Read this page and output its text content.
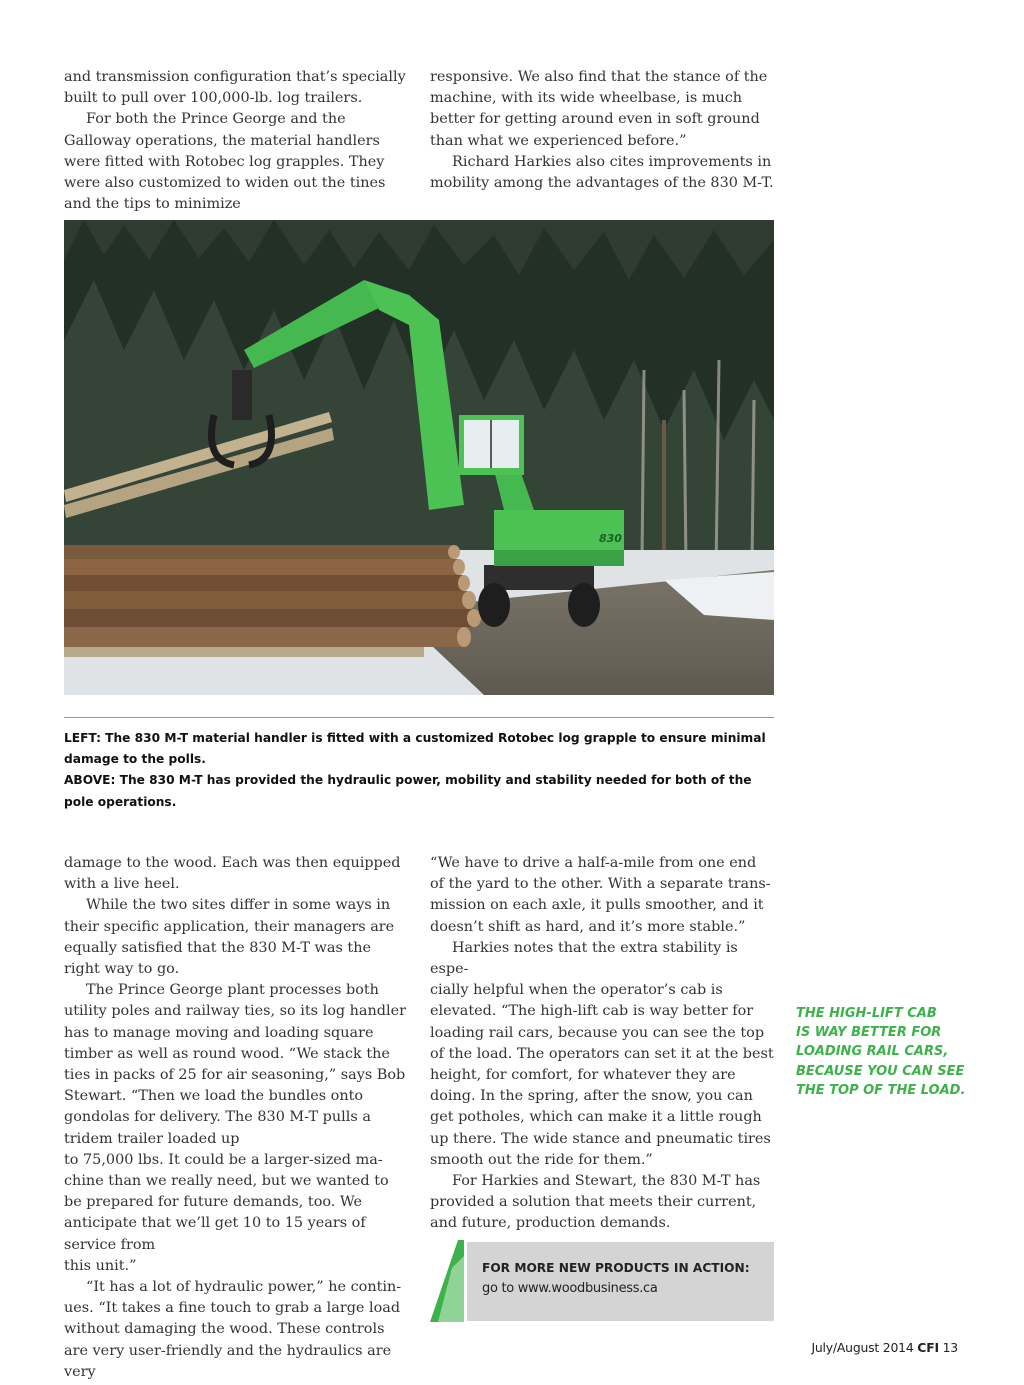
and transmission configuration that’s specially built to pull over 100,000-lb. log trailers.

For both the Prince George and the Galloway operations, the material handlers were fitted with Rotobec log grapples. They were also customized to widen out the tines and the tips to minimize

responsive. We also find that the stance of the machine, with its wide wheelbase, is much better for getting around even in soft ground than what we experienced before.”

Richard Harkies also cites improvements in mobility among the advantages of the 830 M-T.

830

LEFT: The 830 M-T material handler is fitted with a customized Rotobec log grapple to ensure minimal damage to the polls.

ABOVE: The 830 M-T has provided the hydraulic power, mobility and stability needed for both of the pole operations.

damage to the wood. Each was then equipped with a live heel.

While the two sites differ in some ways in their specific application, their managers are equally satisfied that the 830 M-T was the right way to go.

The Prince George plant processes both utility poles and railway ties, so its log handler has to manage moving and loading square timber as well as round wood. “We stack the ties in packs of 25 for air seasoning,” says Bob Stewart. “Then we load the bundles onto gondolas for delivery. The 830 M-T pulls a tridem trailer loaded up
to 75,000 lbs. It could be a larger-sized ma-
chine than we really need, but we wanted to be prepared for future demands, too. We anticipate that we’ll get 10 to 15 years of service from
this unit.”

“It has a lot of hydraulic power,” he contin-
ues. “It takes a fine touch to grab a large load without damaging the wood. These controls are very user-friendly and the hydraulics are very

“We have to drive a half-a-mile from one end
of the yard to the other. With a separate trans-
mission on each axle, it pulls smoother, and it doesn’t shift as hard, and it’s more stable.”

Harkies notes that the extra stability is espe-
cially helpful when the operator’s cab is elevated. “The high-lift cab is way better for loading rail cars, because you can see the top of the load. The operators can set it at the best height, for comfort, for whatever they are doing. In the spring, after the snow, you can get potholes, which can make it a little rough up there. The wide stance and pneumatic tires smooth out the ride for them.”

For Harkies and Stewart, the 830 M-T has provided a solution that meets their current, and future, production demands.

THE HIGH-LIFT CAB
IS WAY BETTER FOR
LOADING RAIL CARS,
BECAUSE YOU CAN SEE
THE TOP OF THE LOAD.
FOR MORE NEW PRODUCTS IN ACTION:
go to www.woodbusiness.ca
July/August 2014 CFI 13
